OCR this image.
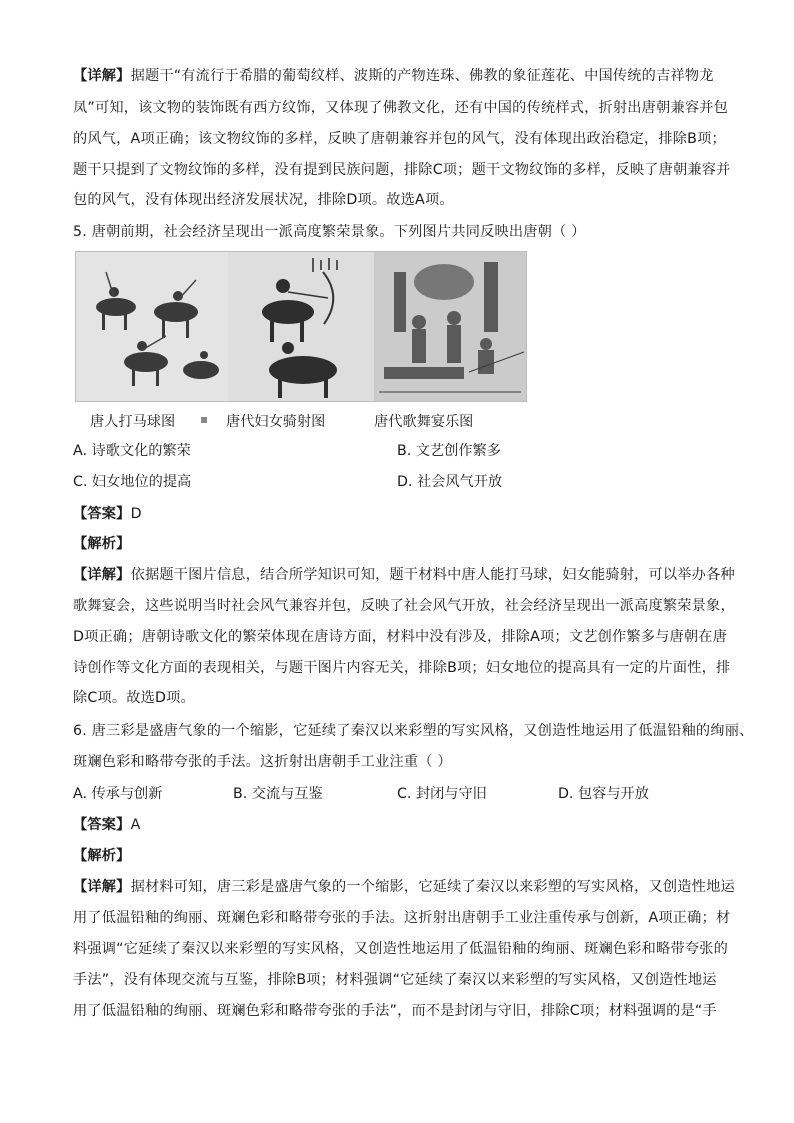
【详解】据题干“有流行于希腊的葡萄纹样、波斯的产物连珠、佛教的象征莲花、中国传统的吉祥物龙
凤”可知，该文物的装饰既有西方纹饰，又体现了佛教文化，还有中国的传统样式，折射出唐朝兼容并包
的风气，A项正确；该文物纹饰的多样，反映了唐朝兼容并包的风气，没有体现出政治稳定，排除B项；
题干只提到了文物纹饰的多样，没有提到民族问题，排除C项；题干文物纹饰的多样，反映了唐朝兼容并
包的风气，没有体现出经济发展状况，排除D项。故选A项。
5. 唐朝前期，社会经济呈现出一派高度繁荣景象。下列图片共同反映出唐朝（ ）
唐人打马球图 ▪ 唐代妇女骑射图	唐代歌舞宴乐图
A. 诗歌文化的繁荣	B. 文艺创作繁多
C. 妇女地位的提高	D. 社会风气开放
【答案】D
【解析】
【详解】依据题干图片信息，结合所学知识可知，题干材料中唐人能打马球，妇女能骑射，可以举办各种
歌舞宴会，这些说明当时社会风气兼容并包，反映了社会风气开放，社会经济呈现出一派高度繁荣景象，
D项正确；唐朝诗歌文化的繁荣体现在唐诗方面，材料中没有涉及，排除A项；文艺创作繁多与唐朝在唐
诗创作等文化方面的表现相关，与题干图片内容无关，排除B项；妇女地位的提高具有一定的片面性，排
除C项。故选D项。
6. 唐三彩是盛唐气象的一个缩影，它延续了秦汉以来彩塑的写实风格，又创造性地运用了低温铅釉的绚丽、
斑斓色彩和略带夸张的手法。这折射出唐朝手工业注重（ ）
A. 传承与创新	B. 交流与互鉴	C. 封闭与守旧	D. 包容与开放
【答案】A
【解析】
【详解】据材料可知，唐三彩是盛唐气象的一个缩影，它延续了秦汉以来彩塑的写实风格，又创造性地运
用了低温铅釉的绚丽、斑斓色彩和略带夸张的手法。这折射出唐朝手工业注重传承与创新，A项正确；材
料强调“它延续了秦汉以来彩塑的写实风格，又创造性地运用了低温铅釉的绚丽、斑斓色彩和略带夸张的
手法”，没有体现交流与互鉴，排除B项；材料强调“它延续了秦汉以来彩塑的写实风格，又创造性地运
用了低温铅釉的绚丽、斑斓色彩和略带夸张的手法”，而不是封闭与守旧，排除C项；材料强调的是“手
